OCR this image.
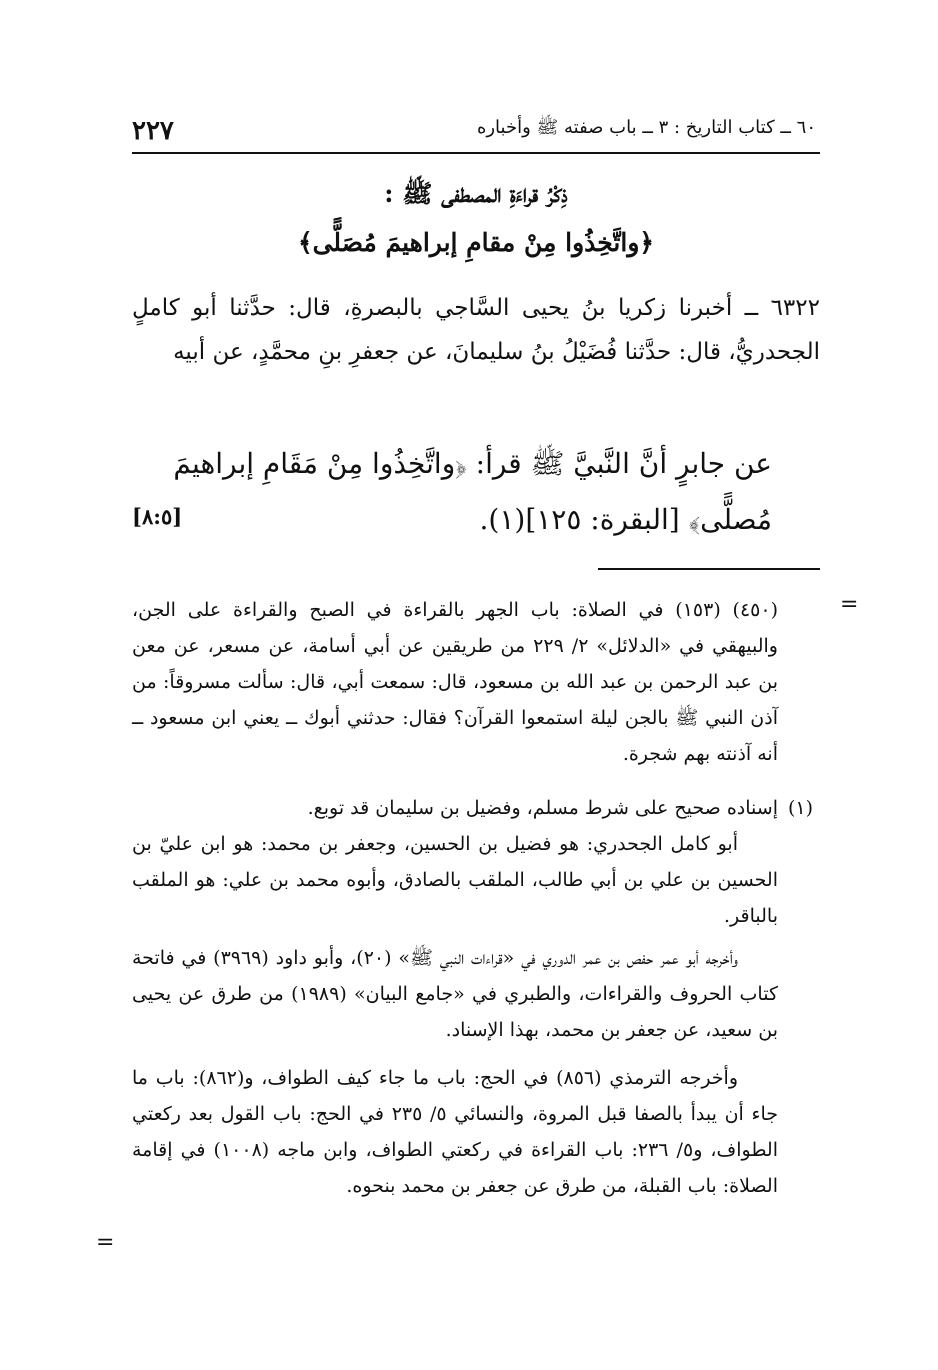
٢٢٧	٦٠ ــ كتاب التاريخ : ٣ ــ باب صفته ﷺ وأخباره
ذِكْرُ قراءَةِ المصطفى ﷺ :
﴿واتَّخِذُوا مِنْ مقامِ إبراهيمَ مُصَلًّى﴾
٦٣٢٢ ــ أخبرنا زكريا بنُ يحيى السَّاجي بالبصرةِ، قال: حدَّثنا أبو كاملٍ الجحدريُّ، قال: حدَّثنا فُضَيْلُ بنُ سليمانَ، عن جعفرِ بنِ محمَّدٍ، عن أبيه
عن جابرٍ أنَّ النَّبيَّ ﷺ قرأ: ﴿واتَّخِذُوا مِنْ مَقَامِ إبراهيمَ مُصلًّى﴾ [البقرة: ١٢٥](١).
[٨:٥]
=
(٤٥٠) (١٥٣) في الصلاة: باب الجهر بالقراءة في الصبح والقراءة على الجن، والبيهقي في «الدلائل» ٢/ ٢٢٩ من طريقين عن أبي أسامة، عن مسعر، عن معن بن عبد الرحمن بن عبد الله بن مسعود، قال: سمعت أبي، قال: سألت مسروقاً: من آذن النبي ﷺ بالجن ليلة استمعوا القرآن؟ فقال: حدثني أبوك ــ يعني ابن مسعود ــ أنه آذنته بهم شجرة.
(١)
إسناده صحيح على شرط مسلم، وفضيل بن سليمان قد توبع.
أبو كامل الجحدري: هو فضيل بن الحسين، وجعفر بن محمد: هو ابن عليّ بن الحسين بن علي بن أبي طالب، الملقب بالصادق، وأبوه محمد بن علي: هو الملقب بالباقر.
وأخرجه أبو عمر حفص بن عمر الدوري في «قراءات النبي ﷺ» (٢٠)، وأبو داود (٣٩٦٩) في فاتحة كتاب الحروف والقراءات، والطبري في «جامع البيان» (١٩٨٩) من طرق عن يحيى بن سعيد، عن جعفر بن محمد، بهذا الإسناد.
وأخرجه الترمذي (٨٥٦) في الحج: باب ما جاء كيف الطواف، و(٨٦٢): باب ما جاء أن يبدأ بالصفا قبل المروة، والنسائي ٥/ ٢٣٥ في الحج: باب القول بعد ركعتي الطواف، و٥/ ٢٣٦: باب القراءة في ركعتي الطواف، وابن ماجه (١٠٠٨) في إقامة الصلاة: باب القبلة، من طرق عن جعفر بن محمد بنحوه.
=
